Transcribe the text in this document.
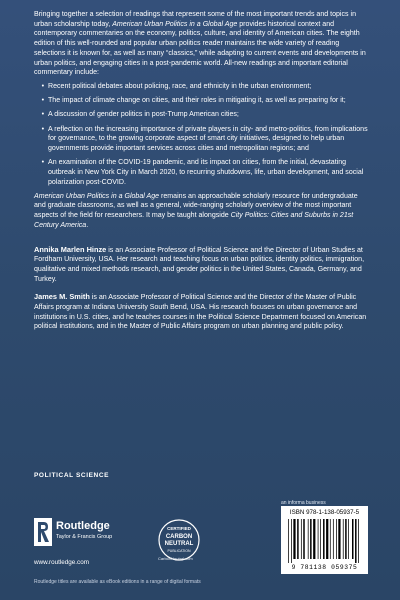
Bringing together a selection of readings that represent some of the most important trends and topics in urban scholarship today, American Urban Politics in a Global Age provides historical context and contemporary commentaries on the economy, politics, culture, and identity of American cities. The eighth edition of this well-rounded and popular urban politics reader maintains the wide variety of reading selections it is known for, as well as many “classics,” while adapting to current events and developments in urban politics, and engaging cities in a post-pandemic world. All-new readings and important editorial commentary include:

• Recent political debates about policing, race, and ethnicity in the urban environment;
• The impact of climate change on cities, and their roles in mitigating it, as well as preparing for it;
• A discussion of gender politics in post-Trump American cities;
• A reflection on the increasing importance of private players in city- and metro-politics, from implications for governance, to the growing corporate aspect of smart city initiatives, designed to help urban governments provide important services across cities and metropolitan regions; and
• An examination of the COVID-19 pandemic, and its impact on cities, from the initial, devastating outbreak in New York City in March 2020, to recurring shutdowns, life, urban development, and social polarization post-COVID.

American Urban Politics in a Global Age remains an approachable scholarly resource for undergraduate and graduate classrooms, as well as a general, wide-ranging scholarly overview of the most important aspects of the field for researchers. It may be taught alongside City Politics: Cities and Suburbs in 21st Century America.

Annika Marlen Hinze is an Associate Professor of Political Science and the Director of Urban Studies at Fordham University, USA. Her research and teaching focus on urban politics, identity politics, immigration, qualitative and mixed methods research, and gender politics in the United States, Canada, Germany, and Turkey.

James M. Smith is an Associate Professor of Political Science and the Director of the Master of Public Affairs program at Indiana University South Bend, USA. His research focuses on urban governance and institutions in U.S. cities, and he teaches courses in the Political Science Department focused on American political institutions, and in the Master of Public Affairs program on urban planning and public policy.

POLITICAL SCIENCE
Routledge
Taylor & Francis Group
www.routledge.com
Routledge titles are available as eBook editions in a range of digital formats
CERTIFIED
CARBON
NEUTRAL
PUBLICATION
CarbonNeutral.com
an informa business
ISBN 978-1-138-05937-5
9 781138 059375
